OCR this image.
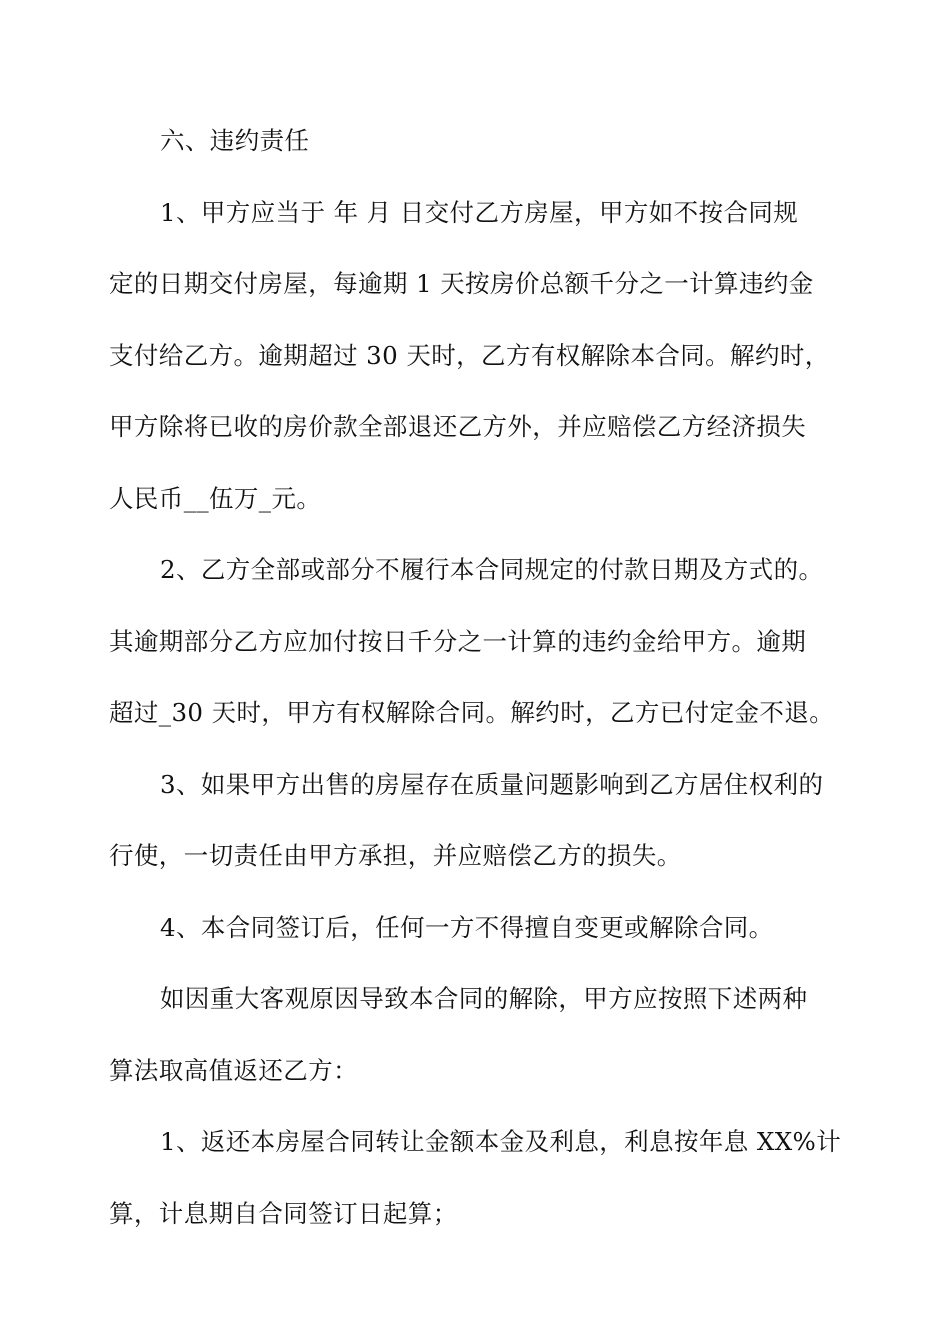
六、违约责任
1、甲方应当于 年 月 日交付乙方房屋，甲方如不按合同规
定的日期交付房屋，每逾期 1 天按房价总额千分之一计算违约金
支付给乙方。逾期超过 30 天时，乙方有权解除本合同。解约时，
甲方除将已收的房价款全部退还乙方外，并应赔偿乙方经济损失
人民币__伍万_元。
2、乙方全部或部分不履行本合同规定的付款日期及方式的。
其逾期部分乙方应加付按日千分之一计算的违约金给甲方。逾期
超过_30 天时，甲方有权解除合同。解约时，乙方已付定金不退。
3、如果甲方出售的房屋存在质量问题影响到乙方居住权利的
行使，一切责任由甲方承担，并应赔偿乙方的损失。
4、本合同签订后，任何一方不得擅自变更或解除合同。
如因重大客观原因导致本合同的解除，甲方应按照下述两种
算法取高值返还乙方：
1、返还本房屋合同转让金额本金及利息，利息按年息 XX%计
算，计息期自合同签订日起算；
